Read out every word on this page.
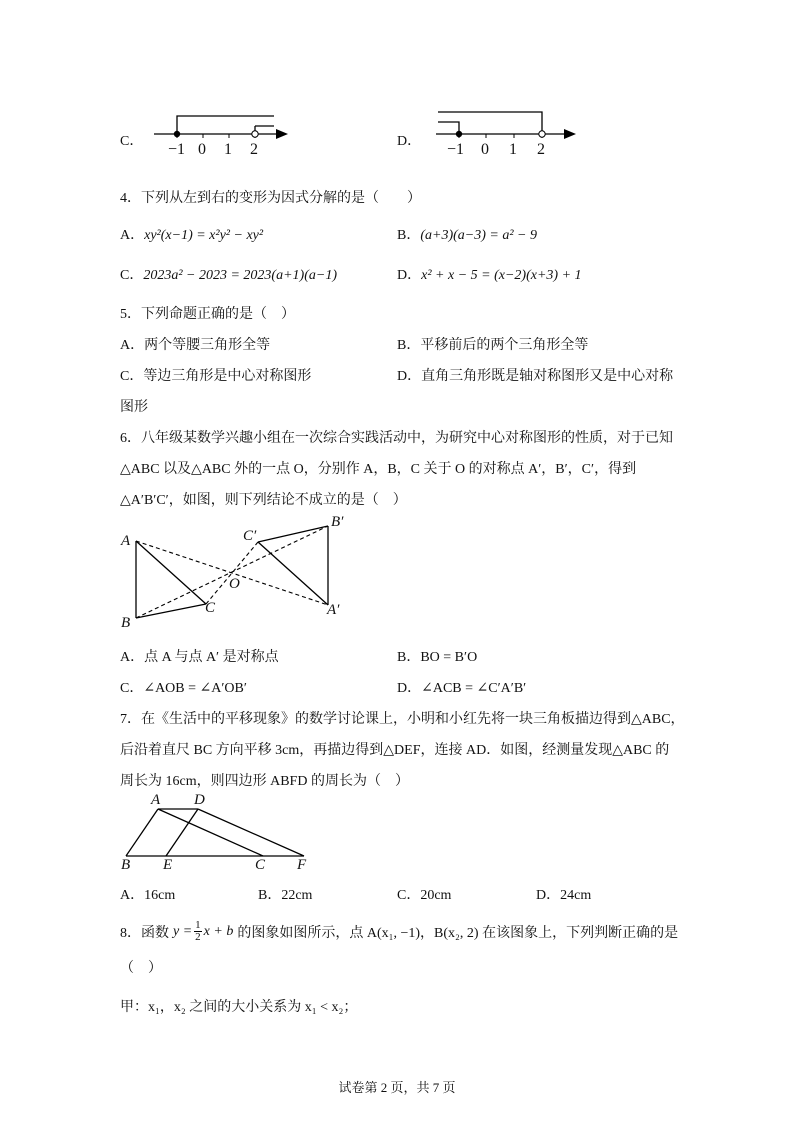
C． −1 0 1 2	D． −1 0 1 2
4．下列从左到右的变形为因式分解的是（　　）
A．xy²(x−1) = x²y² − xy²	B．(a+3)(a−3) = a² − 9
C．2023a² − 2023 = 2023(a+1)(a−1)	D．x² + x − 5 = (x−2)(x+3) + 1
5．下列命题正确的是（　）
A．两个等腰三角形全等	B．平移前后的两个三角形全等
C．等边三角形是中心对称图形	D．直角三角形既是轴对称图形又是中心对称
图形
6．八年级某数学兴趣小组在一次综合实践活动中，为研究中心对称图形的性质，对于已知
△ABC 以及△ABC 外的一点 O，分别作 A，B，C 关于 O 的对称点 A′，B′，C′，得到
△A′B′C′，如图，则下列结论不成立的是（　）
A
B
C
O
C′
B′
A′
A．点 A 与点 A′ 是对称点	B．BO = B′O
C．∠AOB = ∠A′OB′	D．∠ACB = ∠C′A′B′
7．在《生活中的平移现象》的数学讨论课上，小明和小红先将一块三角板描边得到△ABC，
后沿着直尺 BC 方向平移 3cm，再描边得到△DEF，连接 AD．如图，经测量发现△ABC 的
周长为 16cm，则四边形 ABFD 的周长为（　）
A D
B E	C F
A．16cm	B．22cm	C．20cm	D．24cm
8．函数 $y = \frac{1}{2}$ x + b 的图象如图所示，点 A(x₁, −1)，B(x₂, 2) 在该图象上，下列判断正确的是
（　）
甲：x₁，x₂ 之间的大小关系为 x₁ < x₂；
试卷第 2 页，共 7 页
